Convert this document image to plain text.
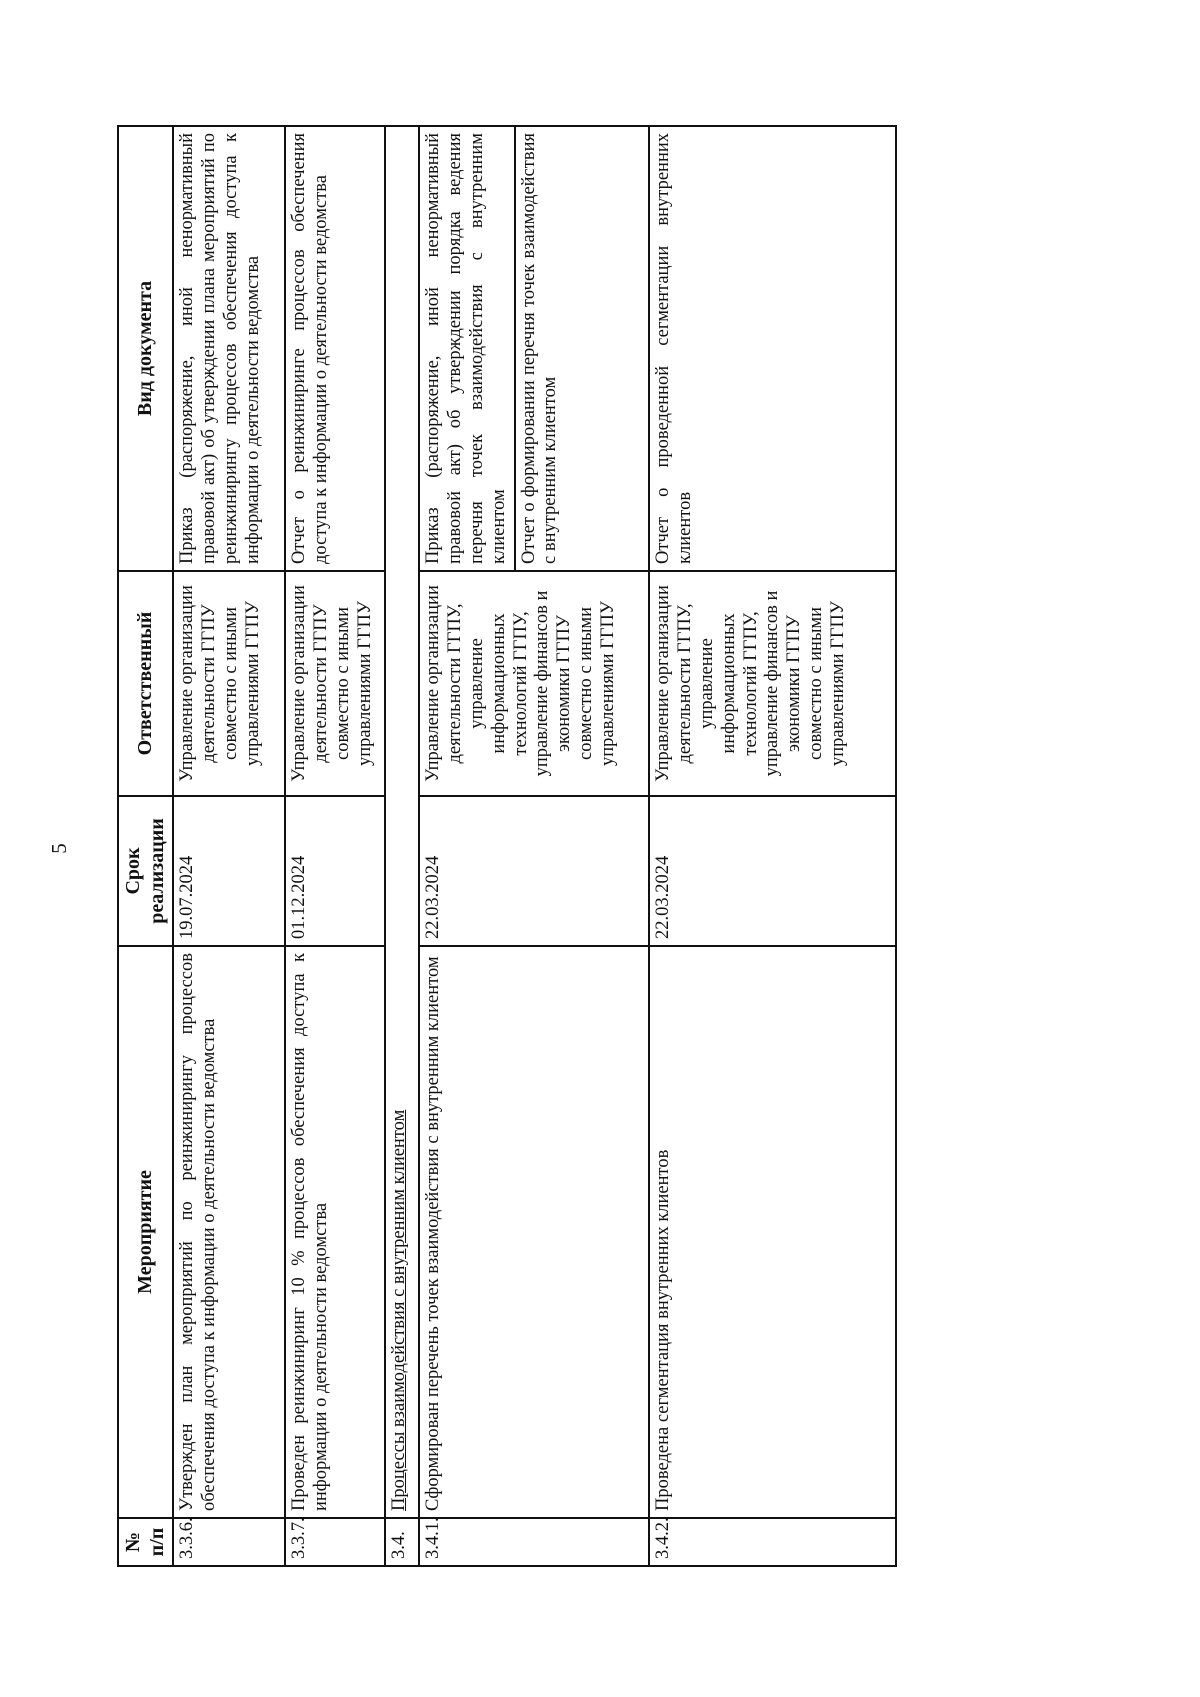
5
№ п/п	Мероприятие	Срок реализации	Ответственный	Вид документа
3.3.6.	Утвержден план мероприятий по реинжинирингу процессов обеспечения доступа к информации о деятельности ведомства	19.07.2024	Управление организации деятельности ГГПУ совместно с иными управлениями ГГПУ	Приказ (распоряжение, иной ненормативный правовой акт) об утверждении плана мероприятий по реинжинирингу процессов обеспечения доступа к информации о деятельности ведомства
3.3.7.	Проведен реинжиниринг 10 % процессов обеспечения доступа к информации о деятельности ведомства	01.12.2024	Управление организации деятельности ГГПУ совместно с иными управлениями ГГПУ	Отчет о реинжиниринге процессов обеспечения доступа к информации о деятельности ведомства
3.4.	Процессы взаимодействия с внутренним клиентом			
3.4.1.	Сформирован перечень точек взаимодействия с внутренним клиентом	22.03.2024	Управление организации деятельности ГГПУ, управление информационных технологий ГГПУ, управление финансов и экономики ГГПУ совместно с иными управлениями ГГПУ	Приказ (распоряжение, иной ненормативный правовой акт) об утверждении порядка ведения перечня точек взаимодействия с внутренним клиентом Отчет о формировании перечня точек взаимодействия с внутренним клиентом

3.4.2.	Проведена сегментация внутренних клиентов	22.03.2024	Управление организации деятельности ГГПУ, управление информационных технологий ГГПУ, управление финансов и экономики ГГПУ совместно с иными управлениями ГГПУ	Отчет о проведенной сегментации внутренних клиентов
